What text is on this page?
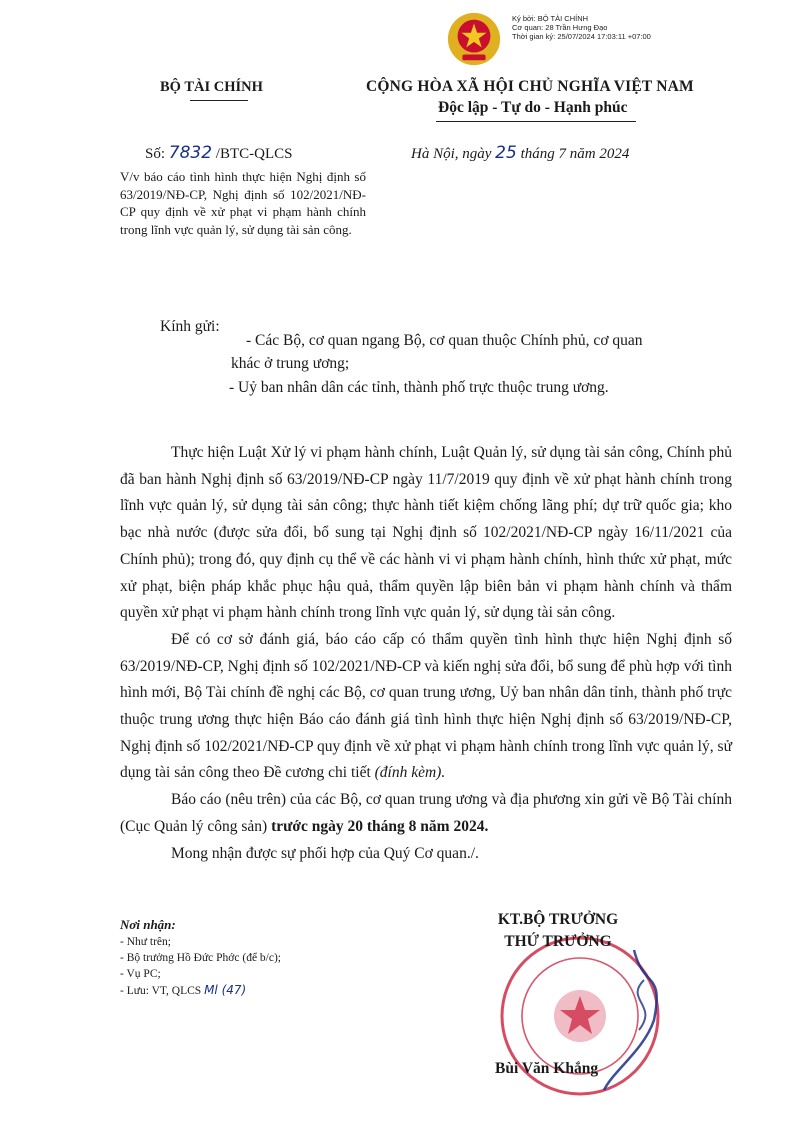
Ký bởi: BỘ TÀI CHÍNH
Cơ quan: 28 Trần Hưng Đạo
Thời gian ký: 25/07/2024 17:03:11 +07:00
BỘ TÀI CHÍNH	CỘNG HÒA XÃ HỘI CHỦ NGHĨA VIỆT NAM
Độc lập - Tự do - Hạnh phúc
Số: 7832 /BTC-QLCS	Hà Nội, ngày 25 tháng 7 năm 2024
V/v báo cáo tình hình thực hiện Nghị định số 63/2019/NĐ-CP, Nghị định số 102/2021/NĐ-CP quy định về xử phạt vi phạm hành chính trong lĩnh vực quản lý, sử dụng tài sản công.
Kính gửi:
- Các Bộ, cơ quan ngang Bộ, cơ quan thuộc Chính phủ, cơ quan
khác ở trung ương;
- Uỷ ban nhân dân các tỉnh, thành phố trực thuộc trung ương.

Thực hiện Luật Xử lý vi phạm hành chính, Luật Quản lý, sử dụng tài sản công, Chính phủ đã ban hành Nghị định số 63/2019/NĐ-CP ngày 11/7/2019 quy định về xử phạt hành chính trong lĩnh vực quản lý, sử dụng tài sản công; thực hành tiết kiệm chống lãng phí; dự trữ quốc gia; kho bạc nhà nước (được sửa đổi, bổ sung tại Nghị định số 102/2021/NĐ-CP ngày 16/11/2021 của Chính phủ); trong đó, quy định cụ thể về các hành vi vi phạm hành chính, hình thức xử phạt, mức xử phạt, biện pháp khắc phục hậu quả, thẩm quyền lập biên bản vi phạm hành chính và thẩm quyền xử phạt vi phạm hành chính trong lĩnh vực quản lý, sử dụng tài sản công.

Để có cơ sở đánh giá, báo cáo cấp có thẩm quyền tình hình thực hiện Nghị định số 63/2019/NĐ-CP, Nghị định số 102/2021/NĐ-CP và kiến nghị sửa đổi, bổ sung để phù hợp với tình hình mới, Bộ Tài chính đề nghị các Bộ, cơ quan trung ương, Uỷ ban nhân dân tỉnh, thành phố trực thuộc trung ương thực hiện Báo cáo đánh giá tình hình thực hiện Nghị định số 63/2019/NĐ-CP, Nghị định số 102/2021/NĐ-CP quy định về xử phạt vi phạm hành chính trong lĩnh vực quản lý, sử dụng tài sản công theo Đề cương chi tiết (đính kèm).

Báo cáo (nêu trên) của các Bộ, cơ quan trung ương và địa phương xin gửi về Bộ Tài chính (Cục Quản lý công sản) trước ngày 20 tháng 8 năm 2024.

Mong nhận được sự phối hợp của Quý Cơ quan./.

Nơi nhận:
- Như trên;
- Bộ trưởng Hồ Đức Phớc (để b/c);
- Vụ PC;
- Lưu: VT, QLCS Ml (47)
KT.BỘ TRƯỞNG
THỨ TRƯỞNG
Bùi Văn Khắng
